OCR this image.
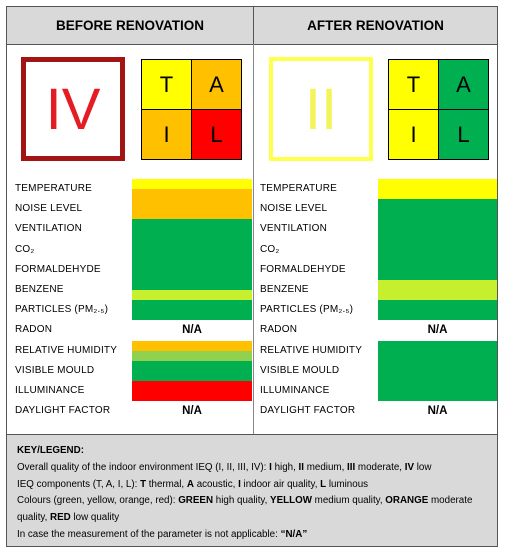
BEFORE RENOVATION	AFTER RENOVATION
IV	II
T	A
I	L
T	A
I	L
TEMPERATURE	TEMPERATURE
NOISE LEVEL	NOISE LEVEL
VENTILATION	VENTILATION
CO₂	CO₂
FORMALDEHYDE	FORMALDEHYDE
BENZENE	BENZENE
PARTICLES (PM₂.₅)	PARTICLES (PM₂.₅)
RADON	N/A	RADON	N/A
RELATIVE HUMIDITY	RELATIVE HUMIDITY
VISIBLE MOULD	VISIBLE MOULD
ILLUMINANCE	ILLUMINANCE
DAYLIGHT FACTOR	N/A	DAYLIGHT FACTOR	N/A
KEY/LEGEND:
Overall quality of the indoor environment IEQ (I, II, III, IV): I high, II medium, III moderate, IV low
IEQ components (T, A, I, L): T thermal, A acoustic, I indoor air quality, L luminous
Colours (green, yellow, orange, red): GREEN high quality, YELLOW medium quality, ORANGE moderate quality, RED low quality
In case the measurement of the parameter is not applicable: “N/A”
